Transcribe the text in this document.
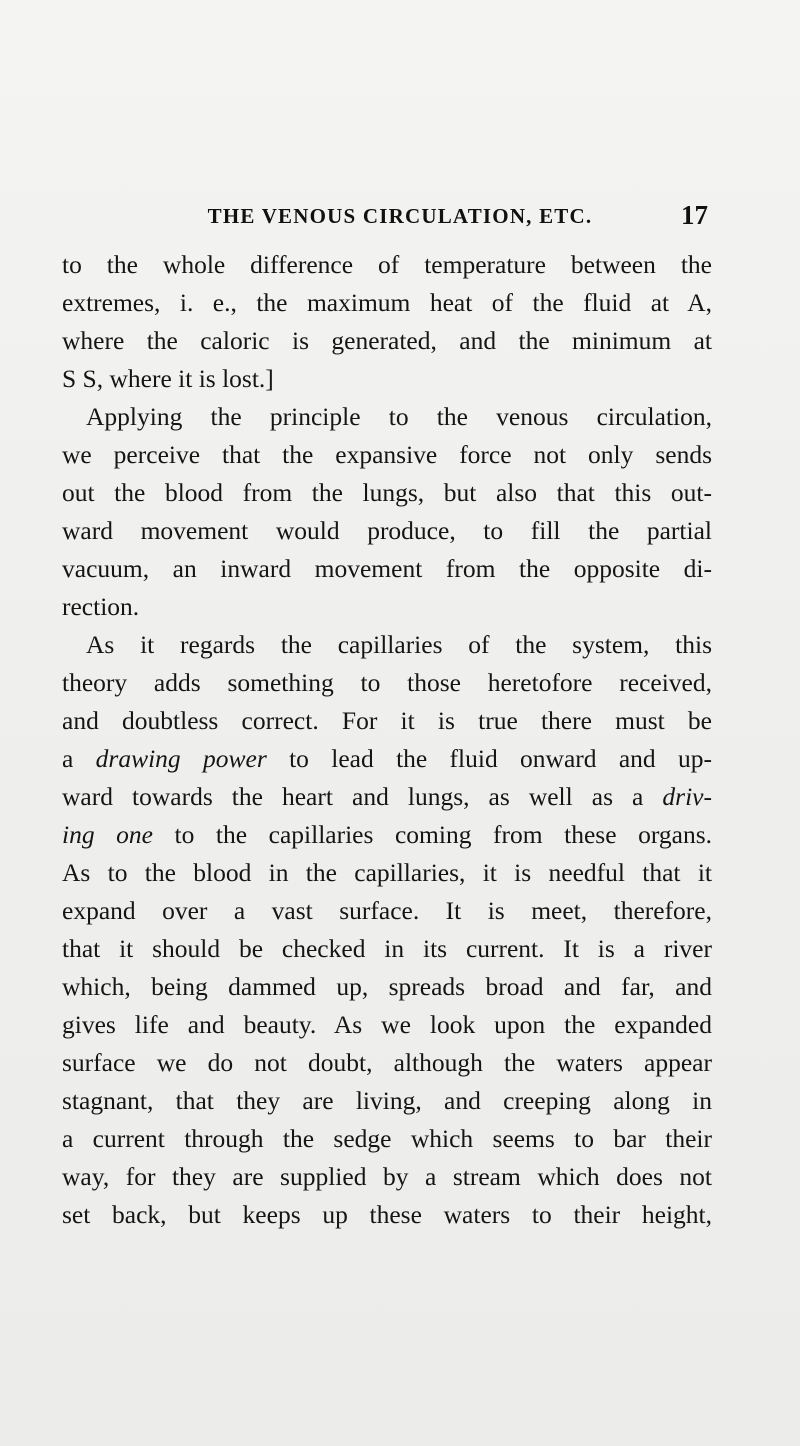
THE VENOUS CIRCULATION, ETC.	17
to the whole difference of temperature between the
extremes, i. e., the maximum heat of the fluid at A,
where the caloric is generated, and the minimum at
S S, where it is lost.]
Applying the principle to the venous circulation,
we perceive that the expansive force not only sends
out the blood from the lungs, but also that this out-
ward movement would produce, to fill the partial
vacuum, an inward movement from the opposite di-
rection.
As it regards the capillaries of the system, this
theory adds something to those heretofore received,
and doubtless correct. For it is true there must be
a drawing power to lead the fluid onward and up-
ward towards the heart and lungs, as well as a driv-
ing one to the capillaries coming from these organs.
As to the blood in the capillaries, it is needful that it
expand over a vast surface. It is meet, therefore,
that it should be checked in its current. It is a river
which, being dammed up, spreads broad and far, and
gives life and beauty. As we look upon the expanded
surface we do not doubt, although the waters appear
stagnant, that they are living, and creeping along in
a current through the sedge which seems to bar their
way, for they are supplied by a stream which does not
set back, but keeps up these waters to their height,
